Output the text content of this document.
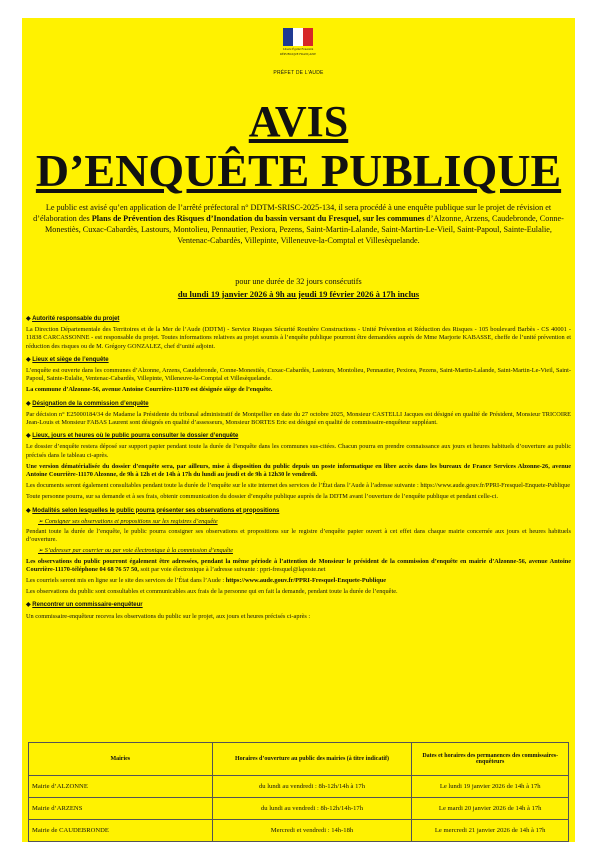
Liberté Égalité Fraternité
RÉPUBLIQUE FRANÇAISE
PRÉFET DE L'AUDE
AVIS
D’ENQUÊTE PUBLIQUE
Le public est avisé qu’en application de l’arrêté préfectoral n° DDTM-SRISC-2025-134, il sera procédé à une enquête publique sur le projet de révision et d’élaboration des Plans de Prévention des Risques d’Inondation du bassin versant du Fresquel, sur les communes d’Alzonne, Arzens, Caudebronde, Conne-Monestiès, Cuxac-Cabardès, Lastours, Montolieu, Pennautier, Pexiora, Pezens, Saint-Martin-Lalande, Saint-Martin-Le-Vieil, Saint-Papoul, Sainte-Eulalie, Ventenac-Cabardès, Villepinte, Villeneuve-la-Comptal et Villesèquelande.
pour une durée de 32 jours consécutifs
du lundi 19 janvier 2026 à 9h au jeudi 19 février 2026 à 17h inclus
◆ Autorité responsable du projet

La Direction Départementale des Territoires et de la Mer de l’Aude (DDTM) - Service Risques Sécurité Routière Constructions - Unité Prévention et Réduction des Risques - 105 boulevard Barbès - CS 40001 - 11838 CARCASSONNE - est responsable du projet. Toutes informations relatives au projet soumis à l’enquête publique pourront être demandées auprès de Mme Marjorie KABASSE, cheffe de l’unité prévention et réduction des risques ou de M. Grégory GONZALEZ, chef d’unité adjoint.

◆ Lieux et siège de l’enquête

L’enquête est ouverte dans les communes d’Alzonne, Arzens, Caudebronde, Conne-Monestiès, Cuxac-Cabardès, Lastours, Montolieu, Pennautier, Pexiora, Pezens, Saint-Martin-Lalande, Saint-Martin-Le-Vieil, Saint-Papoul, Sainte-Eulalie, Ventenac-Cabardès, Villepinte, Villeneuve-la-Comptal et Villesèquelande.

La commune d’Alzonne-56, avenue Antoine Courrière-11170 est désignée siège de l’enquête.

◆ Désignation de la commission d’enquête

Par décision n° E25000184/34 de Madame la Présidente du tribunal administratif de Montpellier en date du 27 octobre 2025, Monsieur CASTELLI Jacques est désigné en qualité de Président, Monsieur TRICOIRE Jean-Louis et Monsieur FABAS Laurent sont désignés en qualité d’assesseurs, Monsieur BORTES Eric est désigné en qualité de commissaire-enquêteur suppléant.

◆ Lieux, jours et heures où le public pourra consulter le dossier d’enquête

Le dossier d’enquête restera déposé sur support papier pendant toute la durée de l’enquête dans les communes sus-citées. Chacun pourra en prendre connaissance aux jours et heures habituels d’ouverture au public précisés dans le tableau ci-après.

Une version dématérialisée du dossier d’enquête sera, par ailleurs, mise à disposition du public depuis un poste informatique en libre accès dans les bureaux de France Services Alzonne-26, avenue Antoine Courrière-11170 Alzonne, de 9h à 12h et de 14h à 17h du lundi au jeudi et de 9h à 12h30 le vendredi.

Les documents seront également consultables pendant toute la durée de l’enquête sur le site internet des services de l’État dans l’Aude à l’adresse suivante : https://www.aude.gouv.fr/PPRI-Fresquel-Enquete-Publique

Toute personne pourra, sur sa demande et à ses frais, obtenir communication du dossier d’enquête publique auprès de la DDTM avant l’ouverture de l’enquête publique et pendant celle-ci.

◆ Modalités selon lesquelles le public pourra présenter ses observations et propositions
➢ Consigner ses observations et propositions sur les registres d’enquête

Pendant toute la durée de l’enquête, le public pourra consigner ses observations et propositions sur le registre d’enquête papier ouvert à cet effet dans chaque mairie concernée aux jours et heures habituels d’ouverture.

➢ S’adresser par courrier ou par voie électronique à la commission d’enquête

Les observations du public pourront également être adressées, pendant la même période à l’attention de Monsieur le président de la commission d’enquête en mairie d’Alzonne-56, avenue Antoine Courrière-11170-téléphone 04 68 76 57 50, soit par voie électronique à l’adresse suivante : ppri-fresquel@laposte.net

Les courriels seront mis en ligne sur le site des services de l’État dans l’Aude : https://www.aude.gouv.fr/PPRI-Fresquel-Enquete-Publique

Les observations du public sont consultables et communicables aux frais de la personne qui en fait la demande, pendant toute la durée de l’enquête.

◆ Rencontrer un commissaire-enquêteur

Un commissaire-enquêteur recevra les observations du public sur le projet, aux jours et heures précisés ci-après :

Mairies	Horaires d’ouverture au public des mairies (à titre indicatif)	Dates et horaires des permanences des commissaires-enquêteurs
Mairie d’ALZONNE	du lundi au vendredi : 8h-12h/14h à 17h	Le lundi 19 janvier 2026 de 14h à 17h
Mairie d’ARZENS	du lundi au vendredi : 8h-12h/14h-17h	Le mardi 20 janvier 2026 de 14h à 17h
Mairie de CAUDEBRONDE	Mercredi et vendredi : 14h-18h	Le mercredi 21 janvier 2026 de 14h à 17h
